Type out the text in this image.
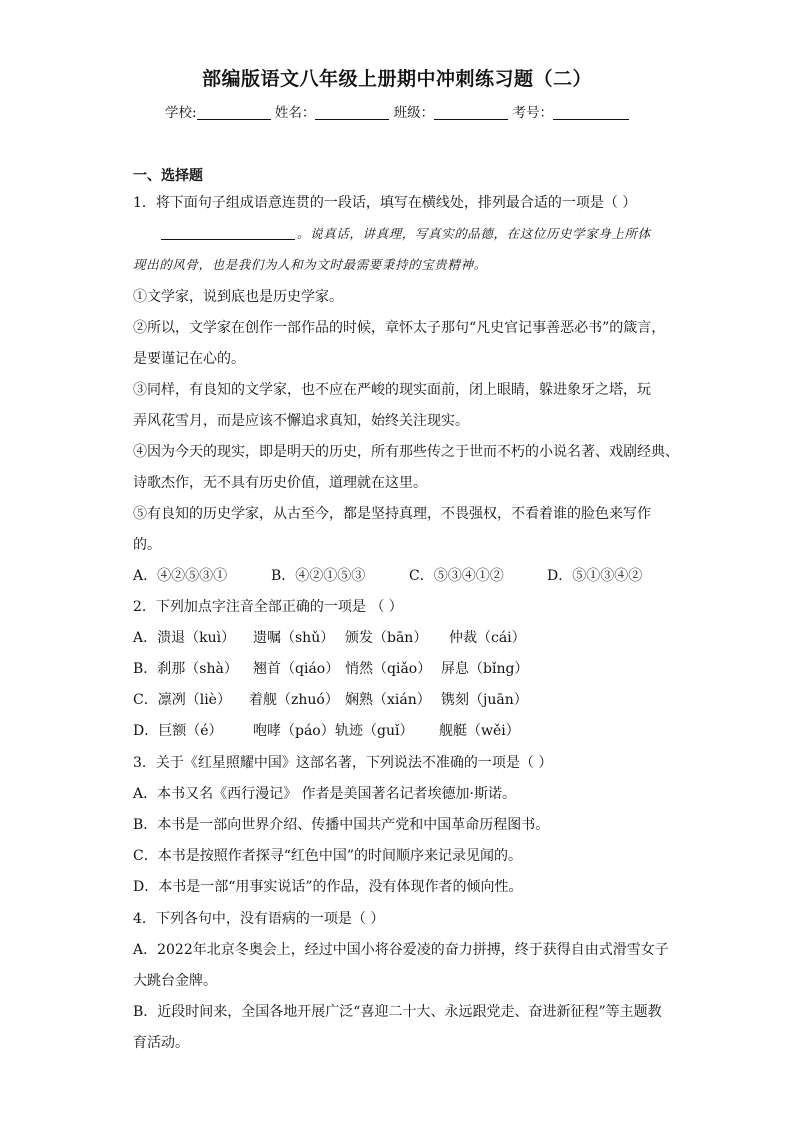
部编版语文八年级上册期中冲刺练习题（二）
学校:	姓名：	班级：	考号：
一、选择题
1．将下面句子组成语意连贯的一段话，填写在横线处，排列最合适的一项是（ ）
。说真话，讲真理，写真实的品德，在这位历史学家身上所体
现出的风骨，也是我们为人和为文时最需要秉持的宝贵精神。
①文学家，说到底也是历史学家。
②所以，文学家在创作一部作品的时候，章怀太子那句“凡史官记事善恶必书”的箴言，
是要谨记在心的。
③同样，有良知的文学家，也不应在严峻的现实面前，闭上眼睛，躲进象牙之塔，玩
弄风花雪月，而是应该不懈追求真知，始终关注现实。
④因为今天的现实，即是明天的历史，所有那些传之于世而不朽的小说名著、戏剧经典、
诗歌杰作，无不具有历史价值，道理就在这里。
⑤有良知的历史学家，从古至今，都是坚持真理，不畏强权，不看着谁的脸色来写作
的。
A．④②⑤③①	B．④②①⑤③	C．⑤③④①②	D．⑤①③④②
2．下列加点字注音全部正确的一项是 （ ）
A．溃退（kuì） 遗嘱（shǔ） 颁发（bān） 仲裁（cái）
B．刹那（shà） 翘首（qiáo） 悄然（qiǎo） 屏息（bǐng）
C．凛冽（liè） 着舰（zhuó） 娴熟（xián） 镌刻（juān）
D．巨额（é） 咆哮（páo） 轨迹（guǐ） 舰艇（wěi）
3．关于《红星照耀中国》这部名著，下列说法不准确的一项是（ ）
A．本书又名《西行漫记》 作者是美国著名记者埃德加·斯诺。
B．本书是一部向世界介绍、传播中国共产党和中国革命历程图书。
C．本书是按照作者探寻“红色中国”的时间顺序来记录见闻的。
D．本书是一部“用事实说话”的作品，没有体现作者的倾向性。
4．下列各句中，没有语病的一项是（ ）
A．2022年北京冬奥会上，经过中国小将谷爱凌的奋力拼搏，终于获得自由式滑雪女子
大跳台金牌。
B．近段时间来，全国各地开展广泛“喜迎二十大、永远跟党走、奋进新征程”等主题教
育活动。
